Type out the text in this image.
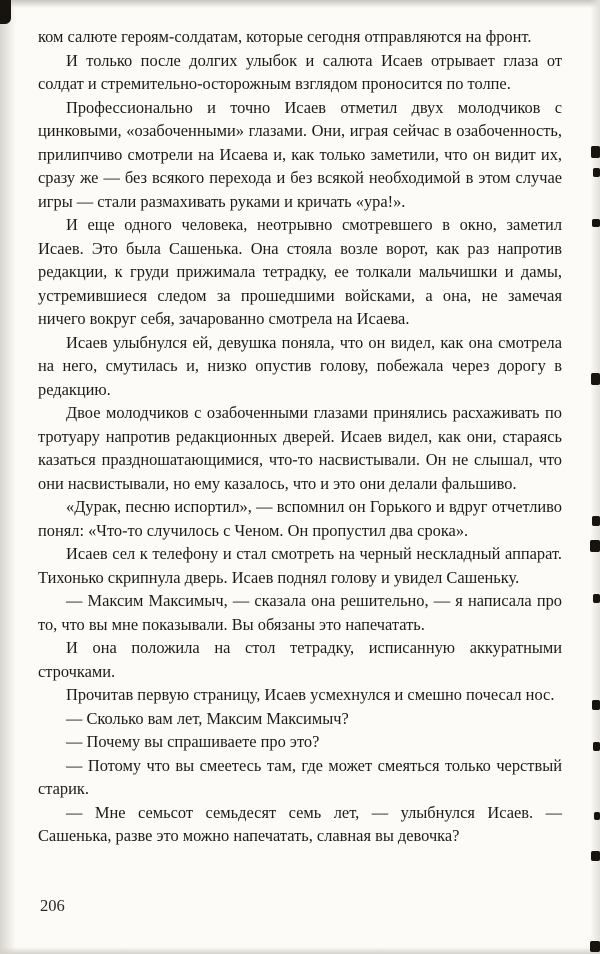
ком салюте героям-солдатам, которые сегодня отправляются на фронт.

И только после долгих улыбок и салюта Исаев отрывает глаза от солдат и стремительно-осторожным взглядом проносится по толпе.

Профессионально и точно Исаев отметил двух молодчиков с цинковыми, «озабоченными» глазами. Они, играя сейчас в озабоченность, прилипчиво смотрели на Исаева и, как только заметили, что он видит их, сразу же — без всякого перехода и без всякой необходимой в этом случае игры — стали размахивать руками и кричать «ура!».

И еще одного человека, неотрывно смотревшего в окно, заметил Исаев. Это была Сашенька. Она стояла возле ворот, как раз напротив редакции, к груди прижимала тетрадку, ее толкали мальчишки и дамы, устремившиеся следом за прошедшими войсками, а она, не замечая ничего вокруг себя, зачарованно смотрела на Исаева.

Исаев улыбнулся ей, девушка поняла, что он видел, как она смотрела на него, смутилась и, низко опустив голову, побежала через дорогу в редакцию.

Двое молодчиков с озабоченными глазами принялись расхаживать по тротуару напротив редакционных дверей. Исаев видел, как они, стараясь казаться праздношатающимися, что-то насвистывали. Он не слышал, что они насвистывали, но ему казалось, что и это они делали фальшиво.

«Дурак, песню испортил», — вспомнил он Горького и вдруг отчетливо понял: «Что-то случилось с Ченом. Он пропустил два срока».

Исаев сел к телефону и стал смотреть на черный нескладный аппарат. Тихонько скрипнула дверь. Исаев поднял голову и увидел Сашеньку.

— Максим Максимыч, — сказала она решительно, — я написала про то, что вы мне показывали. Вы обязаны это напечатать.

И она положила на стол тетрадку, исписанную аккуратными строчками.

Прочитав первую страницу, Исаев усмехнулся и смешно почесал нос.

— Сколько вам лет, Максим Максимыч?

— Почему вы спрашиваете про это?

— Потому что вы смеетесь там, где может смеяться только черствый старик.

— Мне семьсот семьдесят семь лет, — улыбнулся Исаев. — Сашенька, разве это можно напечатать, славная вы девочка?

206
